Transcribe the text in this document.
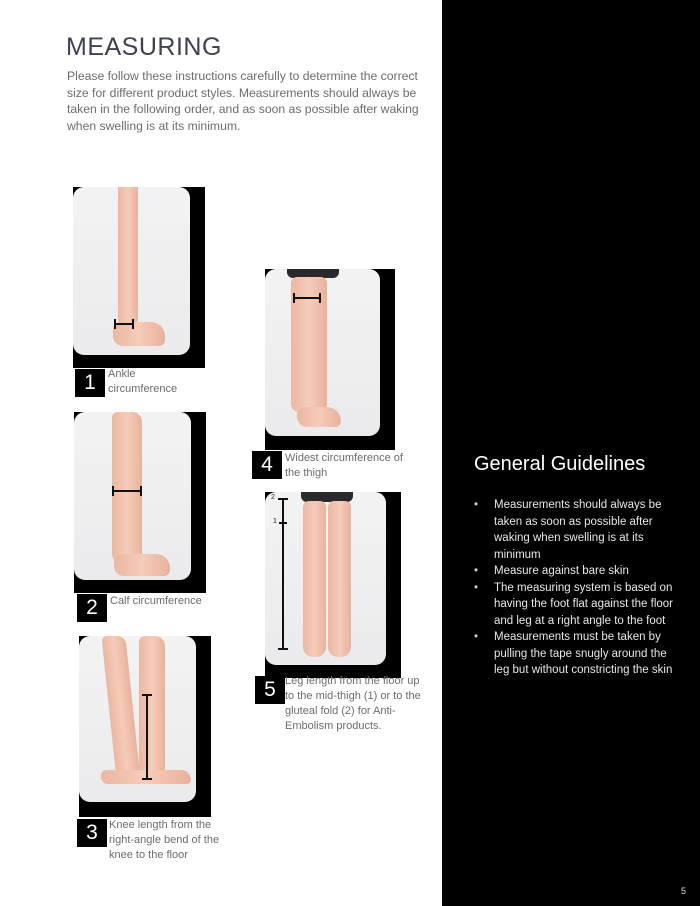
MEASURING

Please follow these instructions carefully to determine the correct size for different product styles. Measurements should always be taken in the following order, and as soon as possible after waking when swelling is at its minimum.

1	Ankle circumference
2	Calf circumference
3	Knee length from the right-angle bend of the knee to the floor
4	Widest circumference of the thigh
2
1
5 Leg length from the floor up to the mid-thigh (1) or to the gluteal fold (2) for Anti-Embolism products.
General Guidelines
• Measurements should always be taken as soon as possible after waking when swelling is at its minimum
• Measure against bare skin
• The measuring system is based on having the foot flat against the floor and leg at a right angle to the foot
• Measurements must be taken by pulling the tape snugly around the leg but without constricting the skin
5
